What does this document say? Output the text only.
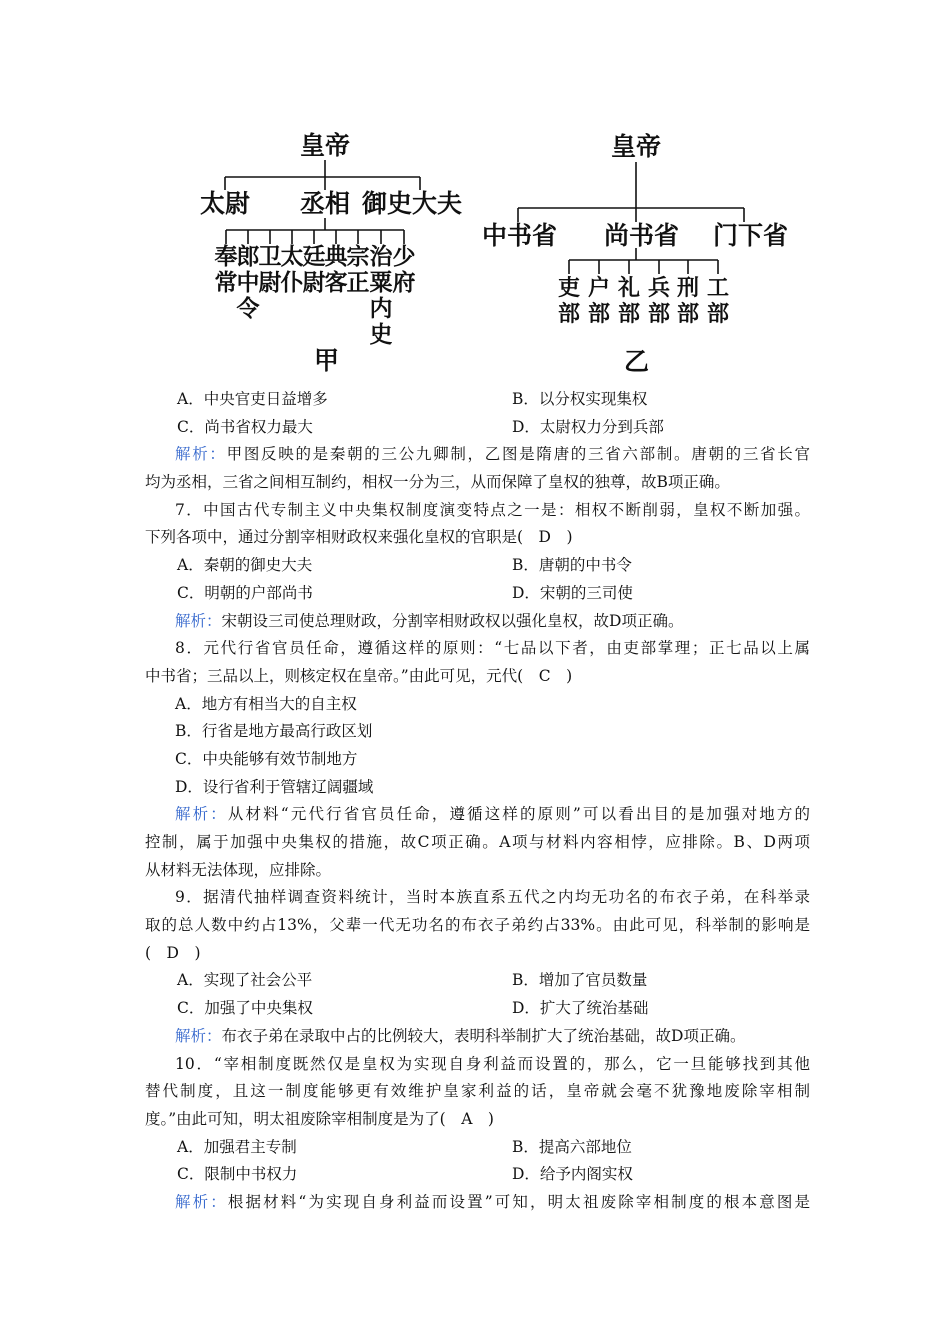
皇帝
太尉 丞相 御史大夫
奉
常
郎
中
令
卫
尉
太
仆
廷
尉
典
客
宗
正
治
粟
内
史
少
府
甲
皇帝
中书省 尚书省 门下省
吏
部
户
部
礼
部
兵
部
刑
部
工
部
乙
A．中央官吏日益增多	B．以分权实现集权
C．尚书省权力最大	D．太尉权力分到兵部
解析：甲图反映的是秦朝的三公九卿制，乙图是隋唐的三省六部制。唐朝的三省长官
均为丞相，三省之间相互制约，相权一分为三，从而保障了皇权的独尊，故B项正确。
7．中国古代专制主义中央集权制度演变特点之一是：相权不断削弱，皇权不断加强。
下列各项中，通过分割宰相财政权来强化皇权的官职是(　D　)
A．秦朝的御史大夫	B．唐朝的中书令
C．明朝的户部尚书	D．宋朝的三司使
解析：宋朝设三司使总理财政，分割宰相财政权以强化皇权，故D项正确。
8．元代行省官员任命，遵循这样的原则：“七品以下者，由吏部掌理；正七品以上属
中书省；三品以上，则核定权在皇帝。”由此可见，元代(　C　)
A．地方有相当大的自主权
B．行省是地方最高行政区划
C．中央能够有效节制地方
D．设行省利于管辖辽阔疆域
解析：从材料“元代行省官员任命，遵循这样的原则”可以看出目的是加强对地方的
控制，属于加强中央集权的措施，故C项正确。A项与材料内容相悖，应排除。B、D两项
从材料无法体现，应排除。
9．据清代抽样调查资料统计，当时本族直系五代之内均无功名的布衣子弟，在科举录
取的总人数中约占13%，父辈一代无功名的布衣子弟约占33%。由此可见，科举制的影响是
(　D　)
A．实现了社会公平	B．增加了官员数量
C．加强了中央集权	D．扩大了统治基础
解析：布衣子弟在录取中占的比例较大，表明科举制扩大了统治基础，故D项正确。
10．“宰相制度既然仅是皇权为实现自身利益而设置的，那么，它一旦能够找到其他
替代制度，且这一制度能够更有效维护皇家利益的话，皇帝就会毫不犹豫地废除宰相制
度。”由此可知，明太祖废除宰相制度是为了(　A　)
A．加强君主专制	B．提高六部地位
C．限制中书权力	D．给予内阁实权
解析：根据材料“为实现自身利益而设置”可知，明太祖废除宰相制度的根本意图是
